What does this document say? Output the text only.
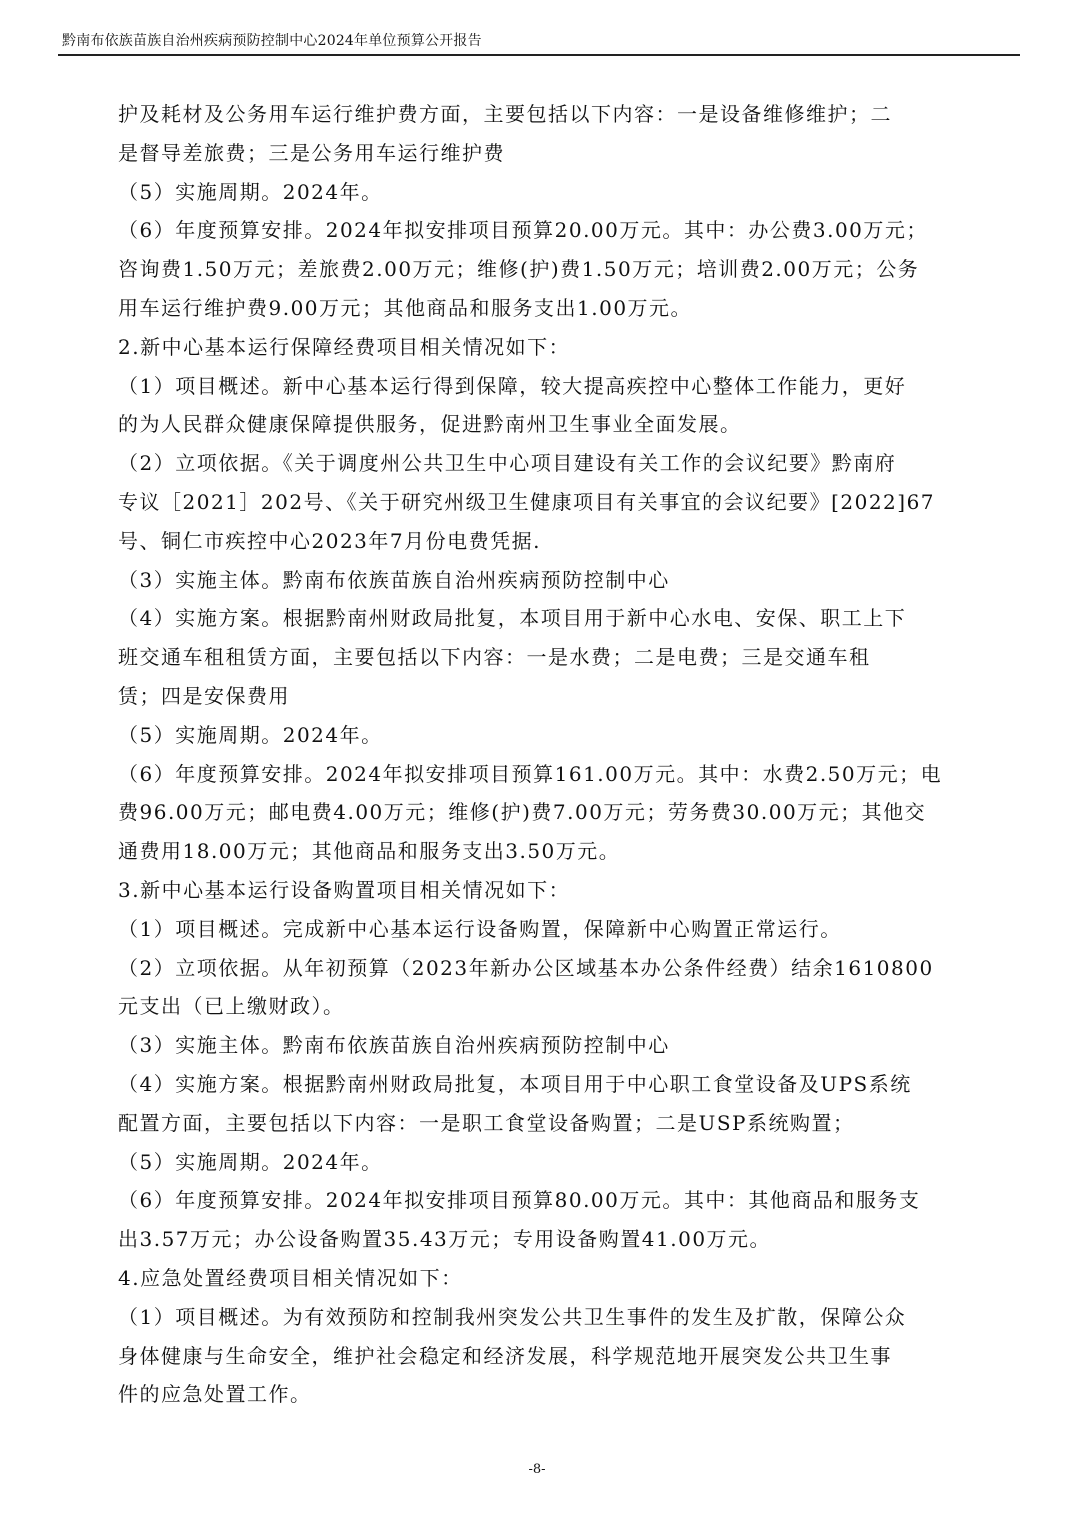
黔南布依族苗族自治州疾病预防控制中心2024年单位预算公开报告
护及耗材及公务用车运行维护费方面，主要包括以下内容：一是设备维修维护；二
是督导差旅费；三是公务用车运行维护费
（5）实施周期。2024年。
（6）年度预算安排。2024年拟安排项目预算20.00万元。其中：办公费3.00万元；
咨询费1.50万元；差旅费2.00万元；维修(护)费1.50万元；培训费2.00万元；公务
用车运行维护费9.00万元；其他商品和服务支出1.00万元。
2.新中心基本运行保障经费项目相关情况如下：
（1）项目概述。新中心基本运行得到保障，较大提高疾控中心整体工作能力，更好
的为人民群众健康保障提供服务，促进黔南州卫生事业全面发展。
（2）立项依据。《关于调度州公共卫生中心项目建设有关工作的会议纪要》黔南府
专议［2021］202号、《关于研究州级卫生健康项目有关事宜的会议纪要》[2022]67
号、铜仁市疾控中心2023年7月份电费凭据.
（3）实施主体。黔南布依族苗族自治州疾病预防控制中心
（4）实施方案。根据黔南州财政局批复，本项目用于新中心水电、安保、职工上下
班交通车租租赁方面，主要包括以下内容：一是水费；二是电费；三是交通车租
赁；四是安保费用
（5）实施周期。2024年。
（6）年度预算安排。2024年拟安排项目预算161.00万元。其中：水费2.50万元；电
费96.00万元；邮电费4.00万元；维修(护)费7.00万元；劳务费30.00万元；其他交
通费用18.00万元；其他商品和服务支出3.50万元。
3.新中心基本运行设备购置项目相关情况如下：
（1）项目概述。完成新中心基本运行设备购置，保障新中心购置正常运行。
（2）立项依据。从年初预算（2023年新办公区域基本办公条件经费）结余1610800
元支出（已上缴财政）。
（3）实施主体。黔南布依族苗族自治州疾病预防控制中心
（4）实施方案。根据黔南州财政局批复，本项目用于中心职工食堂设备及UPS系统
配置方面，主要包括以下内容：一是职工食堂设备购置；二是USP系统购置；
（5）实施周期。2024年。
（6）年度预算安排。2024年拟安排项目预算80.00万元。其中：其他商品和服务支
出3.57万元；办公设备购置35.43万元；专用设备购置41.00万元。
4.应急处置经费项目相关情况如下：
（1）项目概述。为有效预防和控制我州突发公共卫生事件的发生及扩散，保障公众
身体健康与生命安全，维护社会稳定和经济发展，科学规范地开展突发公共卫生事
件的应急处置工作。
-8-
